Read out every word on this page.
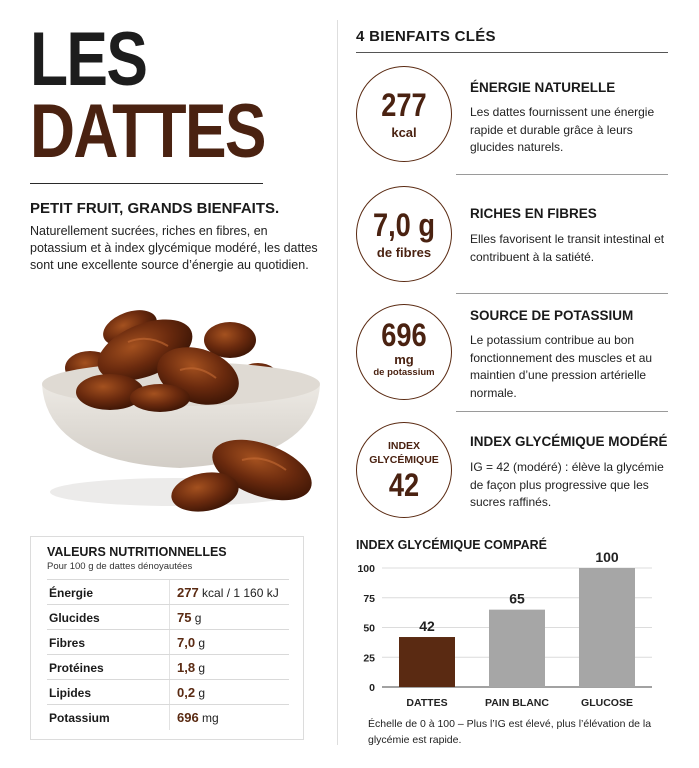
LES
DATTES
PETIT FRUIT, GRANDS BIENFAITS.
Naturellement sucrées, riches en fibres, en potassium et à index glycémique modéré, les dattes sont une excellente source d’énergie au quotidien.
VALEURS NUTRITIONNELLES
Pour 100 g de dattes dénoyautées
Énergie	277 kcal / 1 160 kJ
Glucides	75 g
Fibres	7,0 g
Protéines	1,8 g
Lipides	0,2 g
Potassium	696 mg
4 BIENFAITS CLÉS
277
kcal
ÉNERGIE NATURELLE
Les dattes fournissent une énergie rapide et durable grâce à leurs glucides naturels.
7,0 g
de fibres
RICHES EN FIBRES
Elles favorisent le transit intestinal et contribuent à la satiété.
696
mg
de potassium
SOURCE DE POTASSIUM
Le potassium contribue au bon fonctionnement des muscles et au maintien d’une pression artérielle normale.
INDEX GLYCÉMIQUE
42
INDEX GLYCÉMIQUE MODÉRÉ
IG = 42 (modéré) : élève la glycémie de façon plus progressive que les sucres raffinés.
INDEX GLYCÉMIQUE COMPARÉ
0
25
50
75
100
42
DATTES
65
PAIN BLANC
100
GLUCOSE
Échelle de 0 à 100 – Plus l’IG est élevé, plus l’élévation de la glycémie est rapide.
